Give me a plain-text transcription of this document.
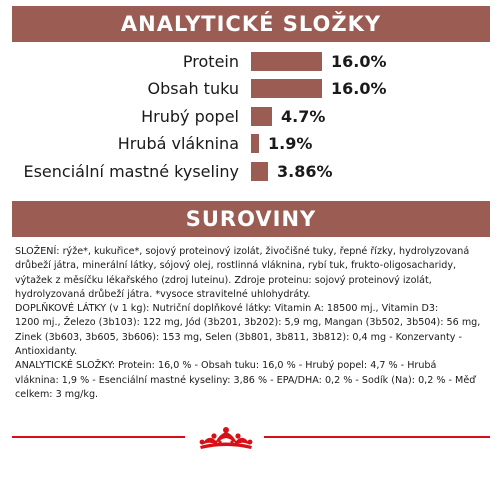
ANALYTICKÉ SLOŽKY
Protein	16.0%
Obsah tuku	16.0%
Hrubý popel	4.7%
Hrubá vláknina 1.9%
Esenciální mastné kyseliny 3.86%
SUROVINY
SLOŽENÍ: rýže*, kukuřice*, sojový proteinový izolát, živočišné tuky, řepné řízky, hydrolyzovaná
drůbeží játra, minerální látky, sójový olej, rostlinná vláknina, rybí tuk, frukto-oligosacharidy,
výtažek z měsíčku lékařského (zdroj luteinu). Zdroje proteinu: sojový proteinový izolát,
hydrolyzovaná drůbeží játra. *vysoce stravitelné uhlohydráty.
DOPLŇKOVÉ LÁTKY (v 1 kg): Nutriční doplňkové látky: Vitamin A: 18500 mj., Vitamin D3:
1200 mj., Železo (3b103): 122 mg, Jód (3b201, 3b202): 5,9 mg, Mangan (3b502, 3b504): 56 mg,
Zinek (3b603, 3b605, 3b606): 153 mg, Selen (3b801, 3b811, 3b812): 0,4 mg - Konzervanty -
Antioxidanty.
ANALYTICKÉ SLOŽKY: Protein: 16,0 % - Obsah tuku: 16,0 % - Hrubý popel: 4,7 % - Hrubá
vláknina: 1,9 % - Esenciální mastné kyseliny: 3,86 % - EPA/DHA: 0,2 % - Sodík (Na): 0,2 % - Měď
celkem: 3 mg/kg.
